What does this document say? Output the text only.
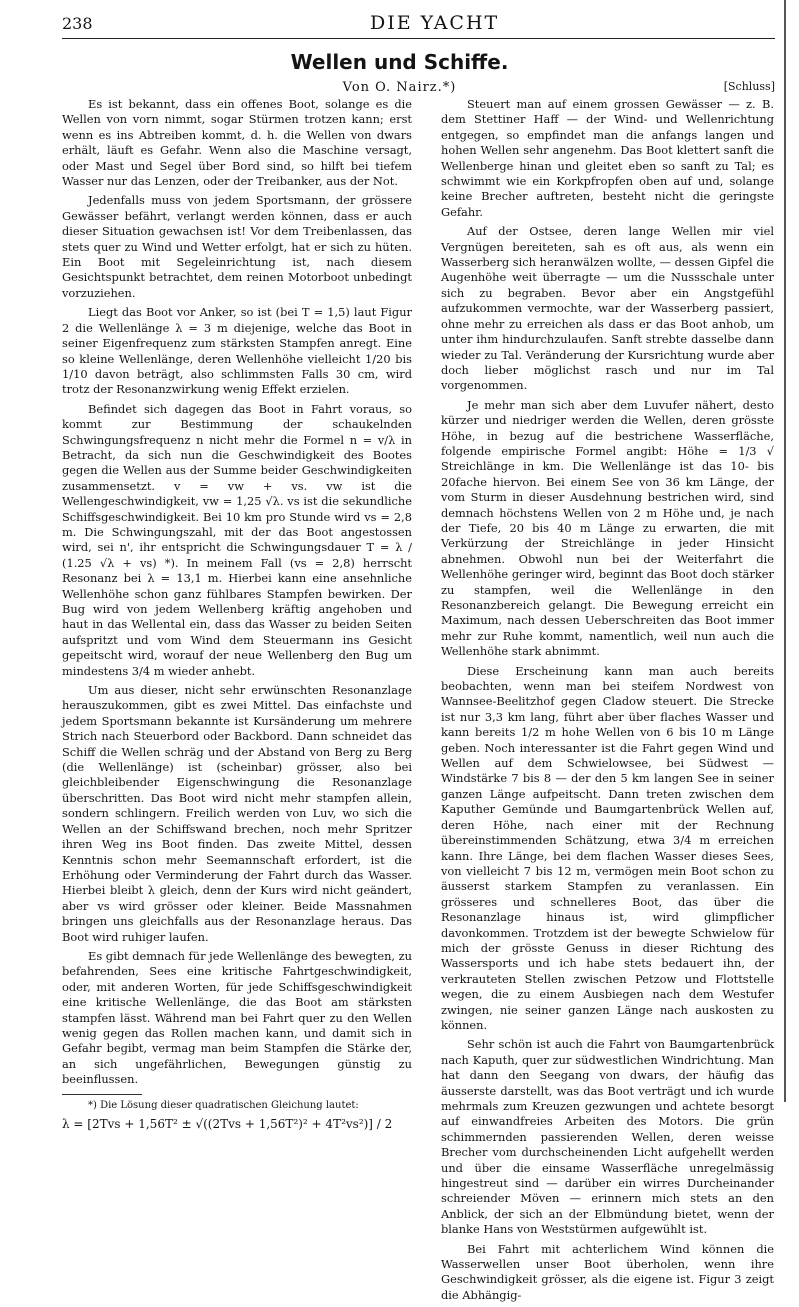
238	DIE YACHT
Wellen und Schiffe.
Von O. Nairz.*)	[Schluss]

Es ist bekannt, dass ein offenes Boot, solange es die Wellen von vorn nimmt, sogar Stürmen trotzen kann; erst wenn es ins Abtreiben kommt, d. h. die Wellen von dwars erhält, läuft es Gefahr. Wenn also die Maschine versagt, oder Mast und Segel über Bord sind, so hilft bei tiefem Wasser nur das Lenzen, oder der Treibanker, aus der Not.

Jedenfalls muss von jedem Sportsmann, der grössere Gewässer befährt, verlangt werden können, dass er auch dieser Situation gewachsen ist! Vor dem Treibenlassen, das stets quer zu Wind und Wetter erfolgt, hat er sich zu hüten. Ein Boot mit Segeleinrichtung ist, nach diesem Gesichtspunkt betrachtet, dem reinen Motorboot unbedingt vorzuziehen.

Liegt das Boot vor Anker, so ist (bei T = 1,5) laut Figur 2 die Wellenlänge λ = 3 m diejenige, welche das Boot in seiner Eigenfrequenz zum stärksten Stampfen anregt. Eine so kleine Wellenlänge, deren Wellenhöhe vielleicht 1/20 bis 1/10 davon beträgt, also schlimmsten Falls 30 cm, wird trotz der Resonanzwirkung wenig Effekt erzielen.

Befindet sich dagegen das Boot in Fahrt voraus, so kommt zur Bestimmung der schaukelnden Schwingungsfrequenz n nicht mehr die Formel n = v/λ in Betracht, da sich nun die Geschwindigkeit des Bootes gegen die Wellen aus der Summe beider Geschwindigkeiten zusammensetzt. v = vw + vs. vw ist die Wellengeschwindigkeit, vw = 1,25 √λ. vs ist die sekundliche Schiffsgeschwindigkeit. Bei 10 km pro Stunde wird vs = 2,8 m. Die Schwingungszahl, mit der das Boot angestossen wird, sei n', ihr entspricht die Schwingungsdauer T = λ / (1.25 √λ + vs) *). In meinem Fall (vs = 2,8) herrscht Resonanz bei λ = 13,1 m. Hierbei kann eine ansehnliche Wellenhöhe schon ganz fühlbares Stampfen bewirken. Der Bug wird von jedem Wellenberg kräftig angehoben und haut in das Wellental ein, dass das Wasser zu beiden Seiten aufspritzt und vom Wind dem Steuermann ins Gesicht gepeitscht wird, worauf der neue Wellenberg den Bug um mindestens 3/4 m wieder anhebt.

Um aus dieser, nicht sehr erwünschten Resonanzlage herauszukommen, gibt es zwei Mittel. Das einfachste und jedem Sportsmann bekannte ist Kursänderung um mehrere Strich nach Steuerbord oder Backbord. Dann schneidet das Schiff die Wellen schräg und der Abstand von Berg zu Berg (die Wellenlänge) ist (scheinbar) grösser, also bei gleichbleibender Eigenschwingung die Resonanzlage überschritten. Das Boot wird nicht mehr stampfen allein, sondern schlingern. Freilich werden von Luv, wo sich die Wellen an der Schiffswand brechen, noch mehr Spritzer ihren Weg ins Boot finden. Das zweite Mittel, dessen Kenntnis schon mehr Seemannschaft erfordert, ist die Erhöhung oder Verminderung der Fahrt durch das Wasser. Hierbei bleibt λ gleich, denn der Kurs wird nicht geändert, aber vs wird grösser oder kleiner. Beide Massnahmen bringen uns gleichfalls aus der Resonanzlage heraus. Das Boot wird ruhiger laufen.

Es gibt demnach für jede Wellenlänge des bewegten, zu befahrenden, Sees eine kritische Fahrtgeschwindigkeit, oder, mit anderen Worten, für jede Schiffsgeschwindigkeit eine kritische Wellenlänge, die das Boot am stärksten stampfen lässt. Während man bei Fahrt quer zu den Wellen wenig gegen das Rollen machen kann, und damit sich in Gefahr begibt, vermag man beim Stampfen die Stärke der, an sich ungefährlichen, Bewegungen günstig zu beeinflussen.

*) Die Lösung dieser quadratischen Gleichung lautet:

λ = [2Tvs + 1,56T² ± √((2Tvs + 1,56T²)² + 4T²vs²)] / 2

Steuert man auf einem grossen Gewässer — z. B. dem Stettiner Haff — der Wind- und Wellenrichtung entgegen, so empfindet man die anfangs langen und hohen Wellen sehr angenehm. Das Boot klettert sanft die Wellenberge hinan und gleitet eben so sanft zu Tal; es schwimmt wie ein Korkpfropfen oben auf und, solange keine Brecher auftreten, besteht nicht die geringste Gefahr.

Auf der Ostsee, deren lange Wellen mir viel Vergnügen bereiteten, sah es oft aus, als wenn ein Wasserberg sich heranwälzen wollte, — dessen Gipfel die Augenhöhe weit überragte — um die Nussschale unter sich zu begraben. Bevor aber ein Angstgefühl aufzukommen vermochte, war der Wasserberg passiert, ohne mehr zu erreichen als dass er das Boot anhob, um unter ihm hindurchzulaufen. Sanft strebte dasselbe dann wieder zu Tal. Veränderung der Kursrichtung wurde aber doch lieber möglichst rasch und nur im Tal vorgenommen.

Je mehr man sich aber dem Luvufer nähert, desto kürzer und niedriger werden die Wellen, deren grösste Höhe, in bezug auf die bestrichene Wasserfläche, folgende empirische Formel angibt: Höhe = 1/3 √ Streichlänge in km. Die Wellenlänge ist das 10- bis 20fache hiervon. Bei einem See von 36 km Länge, der vom Sturm in dieser Ausdehnung bestrichen wird, sind demnach höchstens Wellen von 2 m Höhe und, je nach der Tiefe, 20 bis 40 m Länge zu erwarten, die mit Verkürzung der Streichlänge in jeder Hinsicht abnehmen. Obwohl nun bei der Weiterfahrt die Wellenhöhe geringer wird, beginnt das Boot doch stärker zu stampfen, weil die Wellenlänge in den Resonanzbereich gelangt. Die Bewegung erreicht ein Maximum, nach dessen Ueberschreiten das Boot immer mehr zur Ruhe kommt, namentlich, weil nun auch die Wellenhöhe stark abnimmt.

Diese Erscheinung kann man auch bereits beobachten, wenn man bei steifem Nordwest von Wannsee-Beelitzhof gegen Cladow steuert. Die Strecke ist nur 3,3 km lang, führt aber über flaches Wasser und kann bereits 1/2 m hohe Wellen von 6 bis 10 m Länge geben. Noch interessanter ist die Fahrt gegen Wind und Wellen auf dem Schwielowsee, bei Südwest — Windstärke 7 bis 8 — der den 5 km langen See in seiner ganzen Länge aufpeitscht. Dann treten zwischen dem Kaputher Gemünde und Baumgartenbrück Wellen auf, deren Höhe, nach einer mit der Rechnung übereinstimmenden Schätzung, etwa 3/4 m erreichen kann. Ihre Länge, bei dem flachen Wasser dieses Sees, von vielleicht 7 bis 12 m, vermögen mein Boot schon zu äusserst starkem Stampfen zu veranlassen. Ein grösseres und schnelleres Boot, das über die Resonanzlage hinaus ist, wird glimpflicher davonkommen. Trotzdem ist der bewegte Schwielow für mich der grösste Genuss in dieser Richtung des Wassersports und ich habe stets bedauert ihn, der verkrauteten Stellen zwischen Petzow und Flottstelle wegen, die zu einem Ausbiegen nach dem Westufer zwingen, nie seiner ganzen Länge nach auskosten zu können.

Sehr schön ist auch die Fahrt von Baumgartenbrück nach Kaputh, quer zur südwestlichen Windrichtung. Man hat dann den Seegang von dwars, der häufig das äusserste darstellt, was das Boot verträgt und ich wurde mehrmals zum Kreuzen gezwungen und achtete besorgt auf einwandfreies Arbeiten des Motors. Die grün schimmernden passierenden Wellen, deren weisse Brecher vom durchscheinenden Licht aufgehellt werden und über die einsame Wasserfläche unregelmässig hingestreut sind — darüber ein wirres Durcheinander schreiender Möven — erinnern mich stets an den Anblick, der sich an der Elbmündung bietet, wenn der blanke Hans von Weststürmen aufgewühlt ist.

Bei Fahrt mit achterlichem Wind können die Wasserwellen unser Boot überholen, wenn ihre Geschwindigkeit grösser, als die eigene ist. Figur 3 zeigt die Abhängig-
